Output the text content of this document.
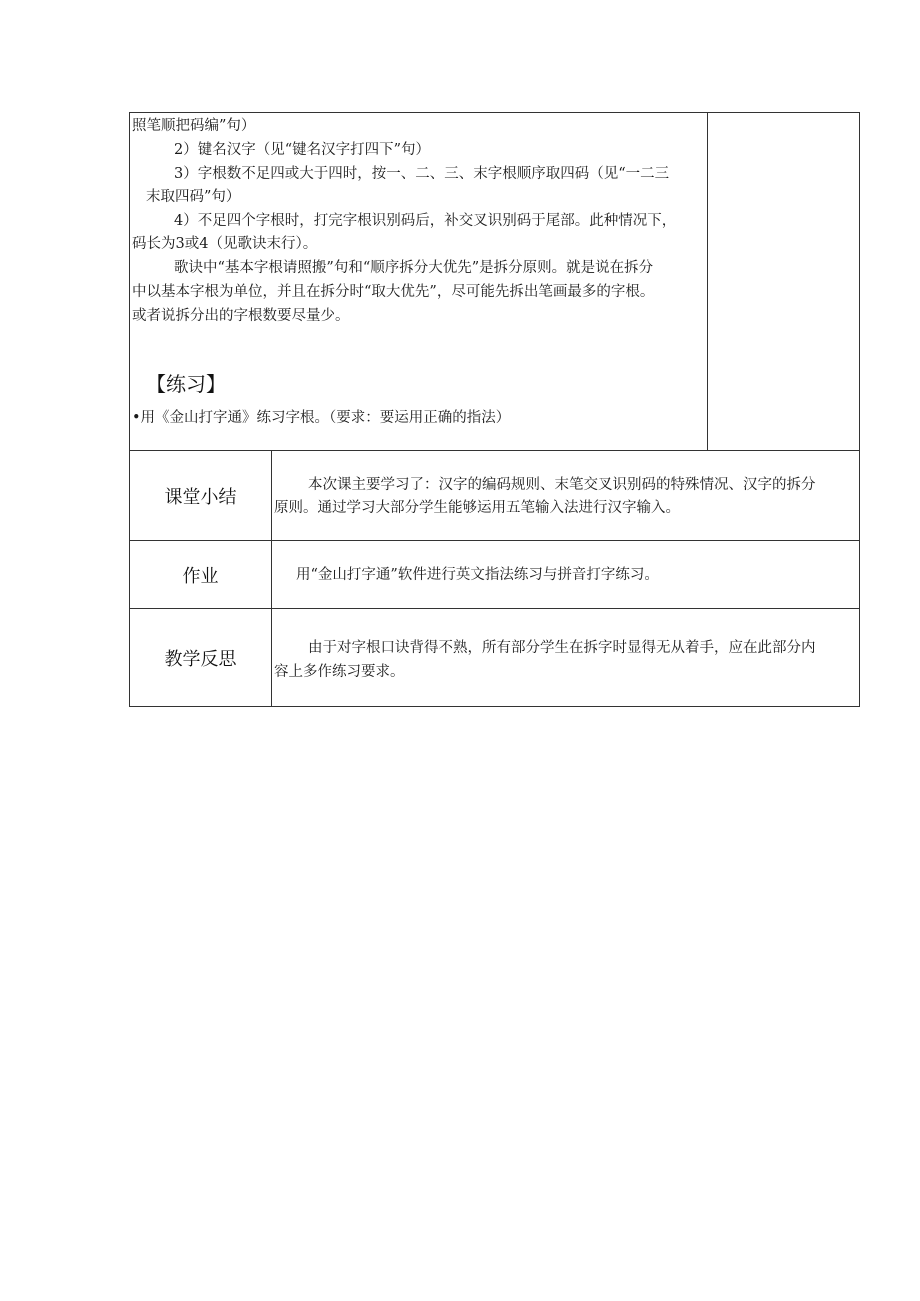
照笔顺把码编”句）
2）键名汉字（见“键名汉字打四下”句）
3）字根数不足四或大于四时，按一、二、三、末字根顺序取四码（见“一二三
末取四码”句）
4）不足四个字根时，打完字根识别码后，补交叉识别码于尾部。此种情况下，
码长为3或4（见歌诀末行）。
歌诀中“基本字根请照搬”句和“顺序拆分大优先”是拆分原则。就是说在拆分
中以基本字根为单位，并且在拆分时“取大优先”，尽可能先拆出笔画最多的字根。
或者说拆分出的字根数要尽量少。
【练习】
•用《金山打字通》练习字根。（要求：要运用正确的指法）
课堂小结
本次课主要学习了：汉字的编码规则、末笔交叉识别码的特殊情况、汉字的拆分
原则。通过学习大部分学生能够运用五笔输入法进行汉字输入。
作业	用“金山打字通”软件进行英文指法练习与拼音打字练习。
教学反思
由于对字根口诀背得不熟，所有部分学生在拆字时显得无从着手，应在此部分内
容上多作练习要求。
